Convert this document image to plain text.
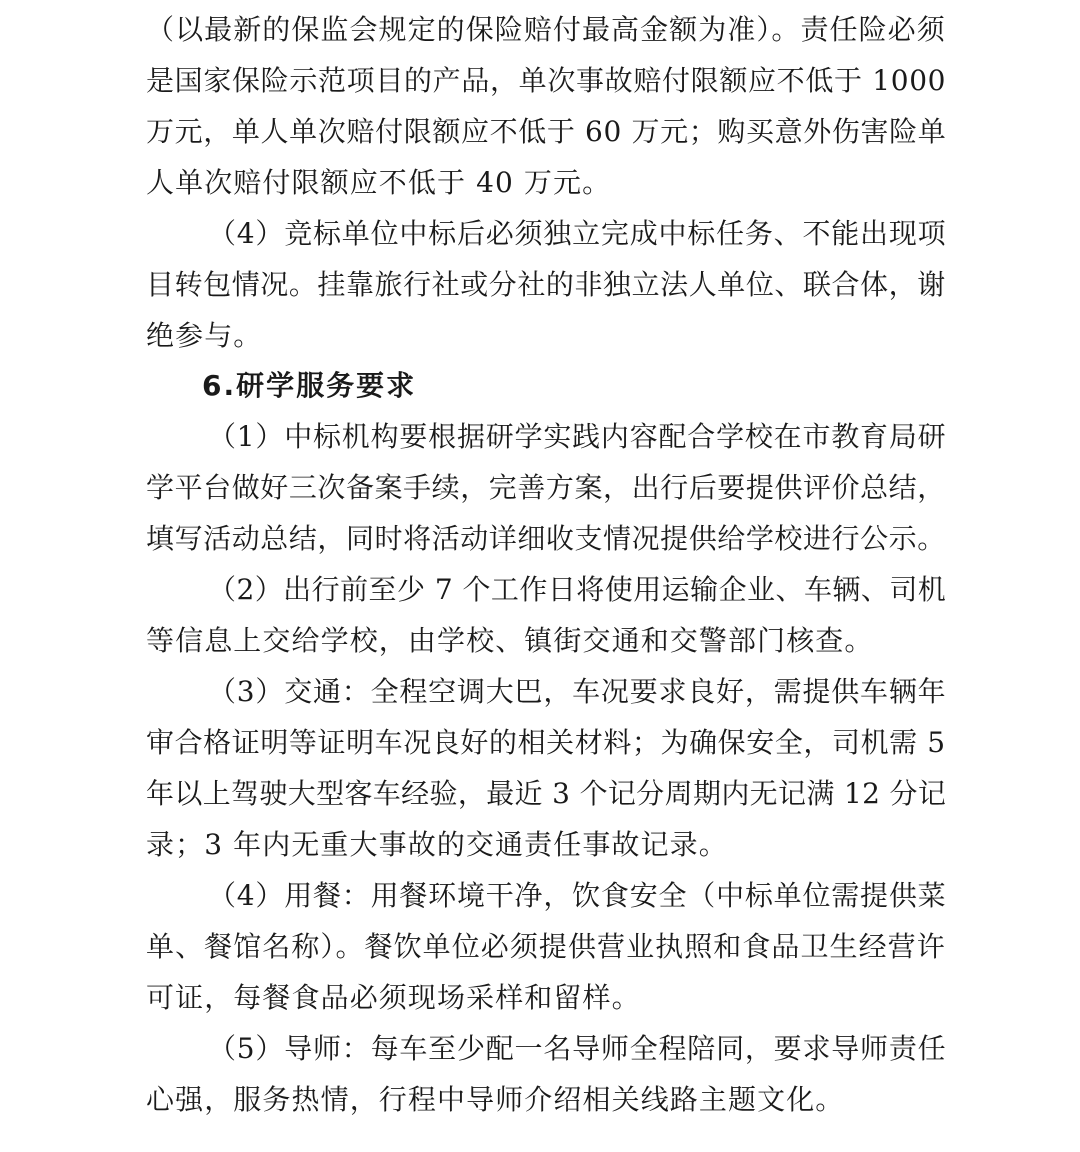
（以最新的保监会规定的保险赔付最高金额为准）。责任险必须
是国家保险示范项目的产品，单次事故赔付限额应不低于 1000
万元，单人单次赔付限额应不低于 60 万元；购买意外伤害险单
人单次赔付限额应不低于 40 万元。
（4）竞标单位中标后必须独立完成中标任务、不能出现项
目转包情况。挂靠旅行社或分社的非独立法人单位、联合体，谢
绝参与。
6.研学服务要求
（1）中标机构要根据研学实践内容配合学校在市教育局研
学平台做好三次备案手续，完善方案，出行后要提供评价总结，
填写活动总结，同时将活动详细收支情况提供给学校进行公示。
（2）出行前至少 7 个工作日将使用运输企业、车辆、司机
等信息上交给学校，由学校、镇街交通和交警部门核查。
（3）交通：全程空调大巴，车况要求良好，需提供车辆年
审合格证明等证明车况良好的相关材料；为确保安全，司机需 5
年以上驾驶大型客车经验，最近 3 个记分周期内无记满 12 分记
录；3 年内无重大事故的交通责任事故记录。
（4）用餐：用餐环境干净，饮食安全（中标单位需提供菜
单、餐馆名称）。餐饮单位必须提供营业执照和食品卫生经营许
可证，每餐食品必须现场采样和留样。
（5）导师：每车至少配一名导师全程陪同，要求导师责任
心强，服务热情，行程中导师介绍相关线路主题文化。
